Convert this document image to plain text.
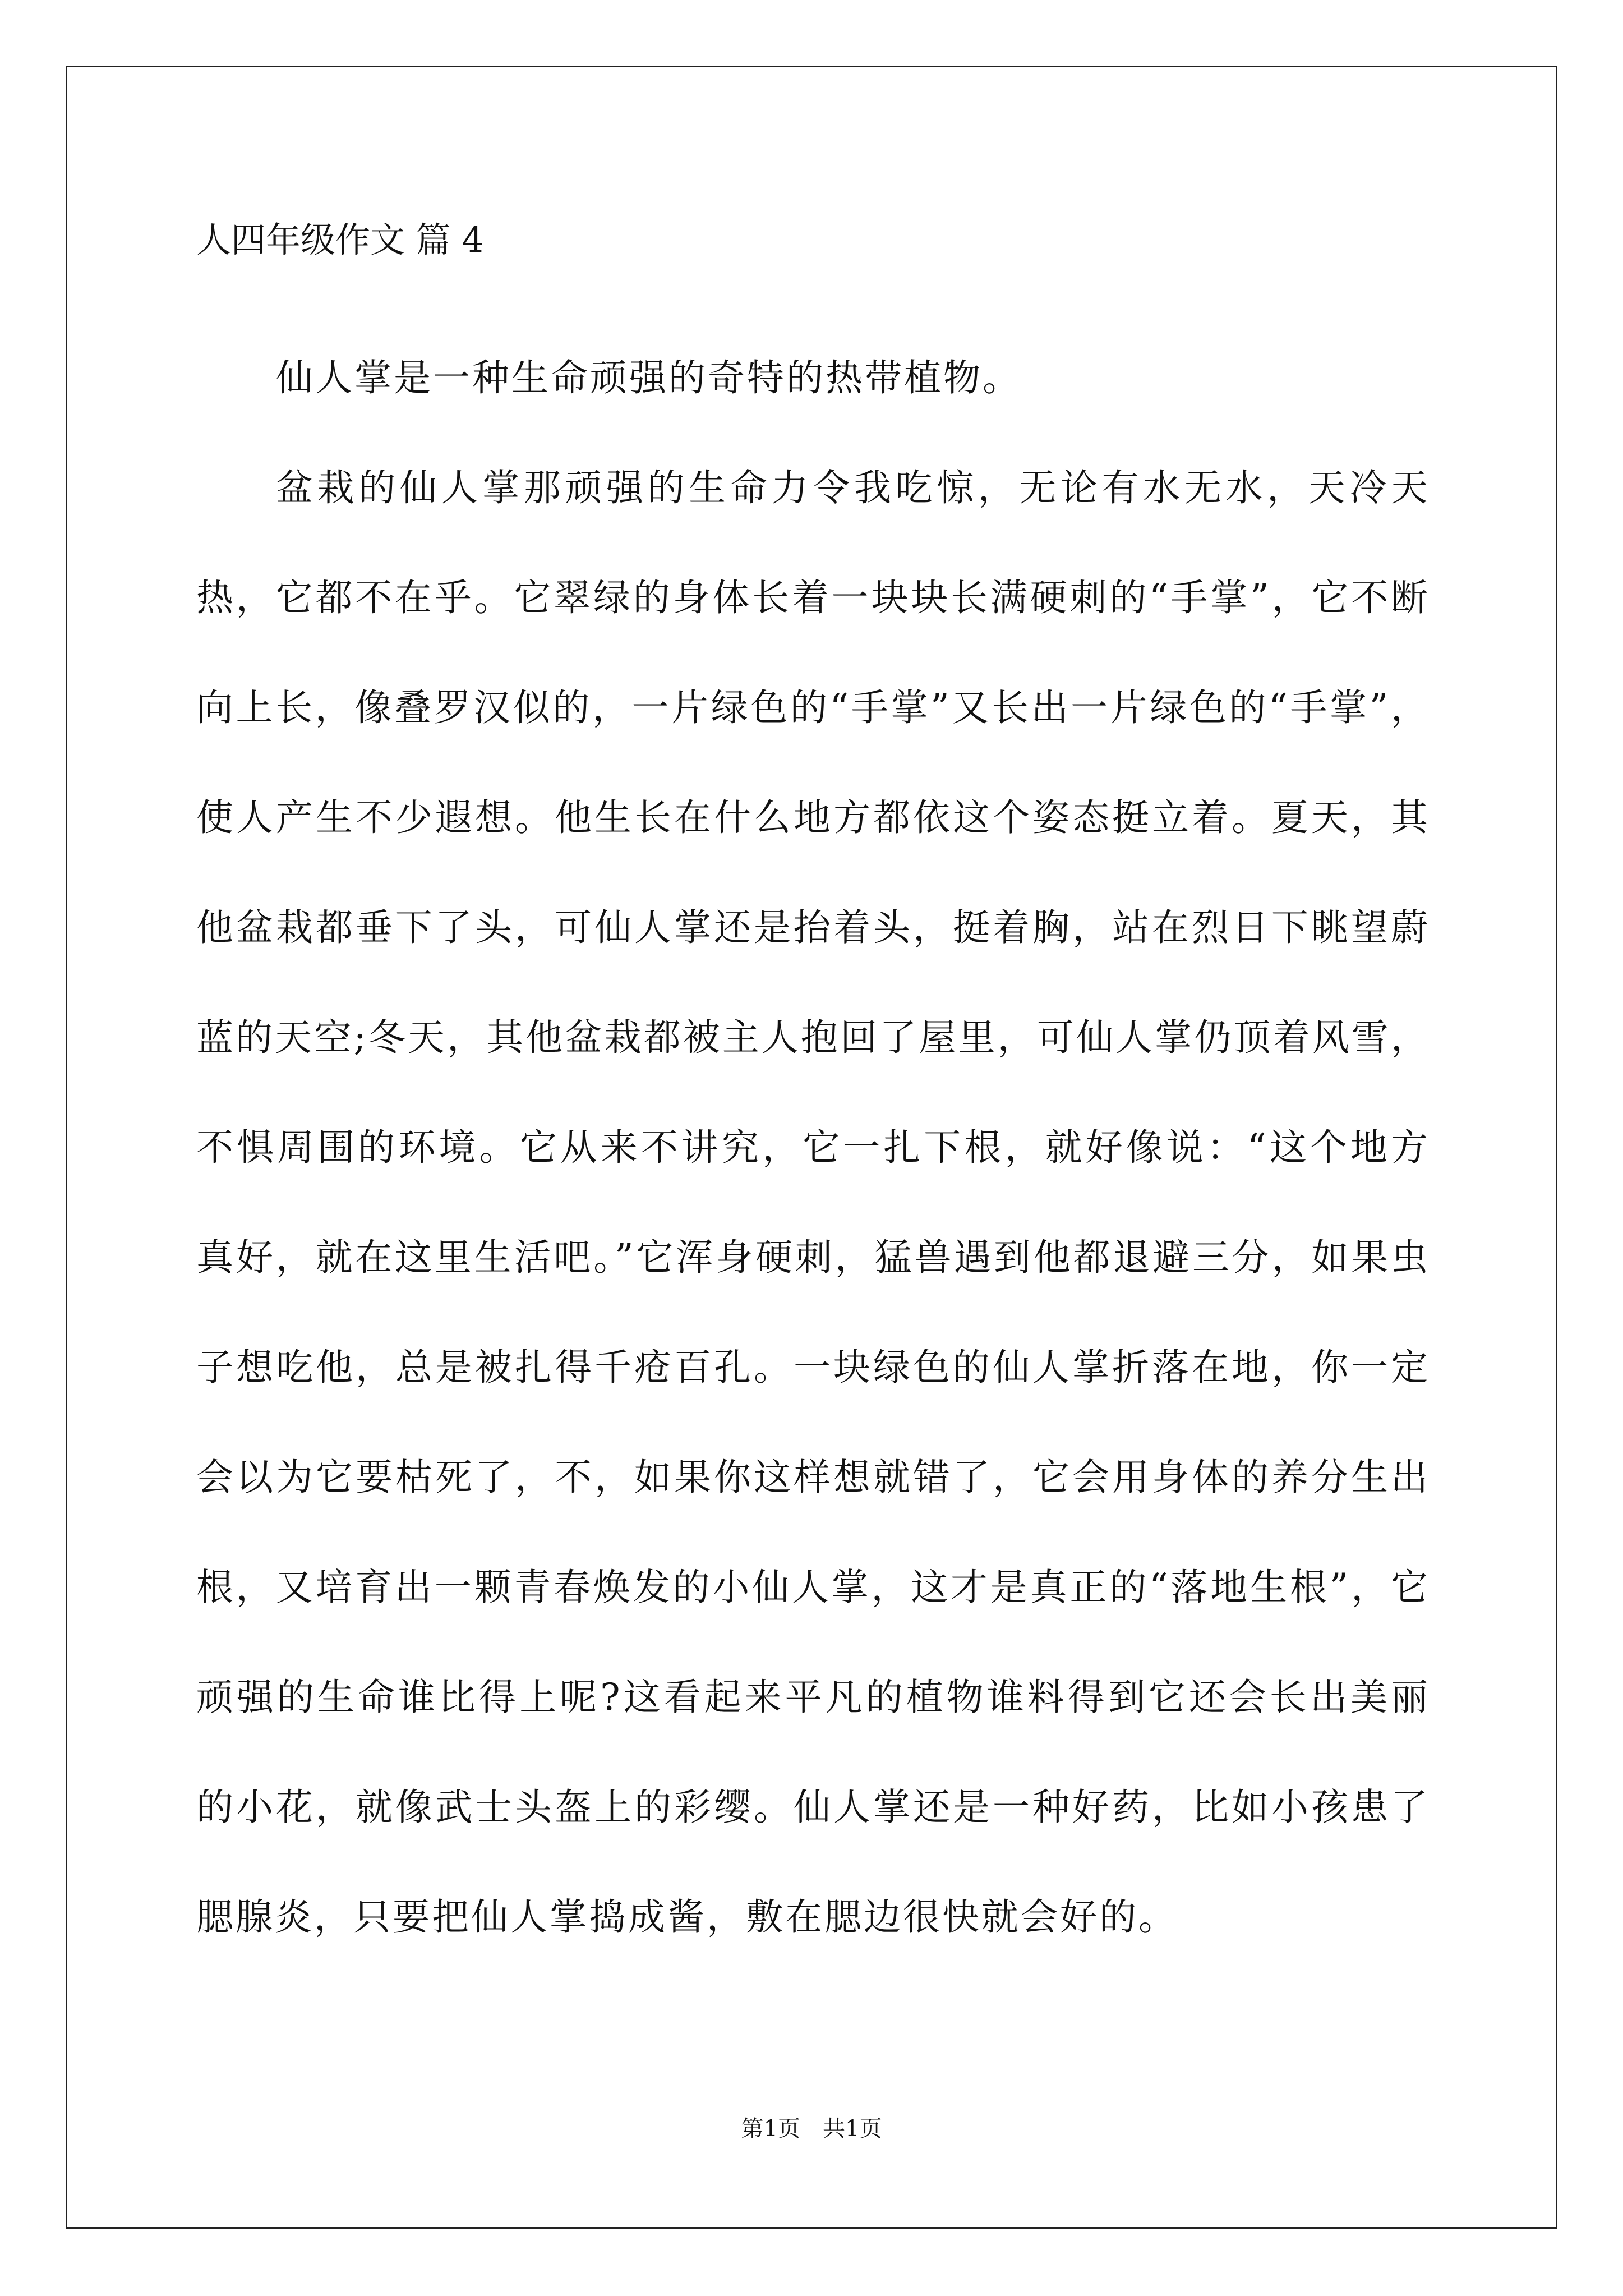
人四年级作文 篇 4

仙人掌是一种生命顽强的奇特的热带植物。

盆栽的仙人掌那顽强的生命力令我吃惊，无论有水无水，天冷天热，它都不在乎。它翠绿的身体长着一块块长满硬刺的“手掌”，它不断向上长，像叠罗汉似的，一片绿色的“手掌”又长出一片绿色的“手掌”，使人产生不少遐想。他生长在什么地方都依这个姿态挺立着。夏天，其他盆栽都垂下了头，可仙人掌还是抬着头，挺着胸，站在烈日下眺望蔚蓝的天空;冬天，其他盆栽都被主人抱回了屋里，可仙人掌仍顶着风雪，不惧周围的环境。它从来不讲究，它一扎下根，就好像说：“这个地方真好，就在这里生活吧。”它浑身硬刺，猛兽遇到他都退避三分，如果虫子想吃他，总是被扎得千疮百孔。一块绿色的仙人掌折落在地，你一定会以为它要枯死了，不，如果你这样想就错了，它会用身体的养分生出根，又培育出一颗青春焕发的小仙人掌，这才是真正的“落地生根”，它顽强的生命谁比得上呢?这看起来平凡的植物谁料得到它还会长出美丽的小花，就像武士头盔上的彩缨。仙人掌还是一种好药，比如小孩患了腮腺炎，只要把仙人掌捣成酱，敷在腮边很快就会好的。

第1页　共1页
